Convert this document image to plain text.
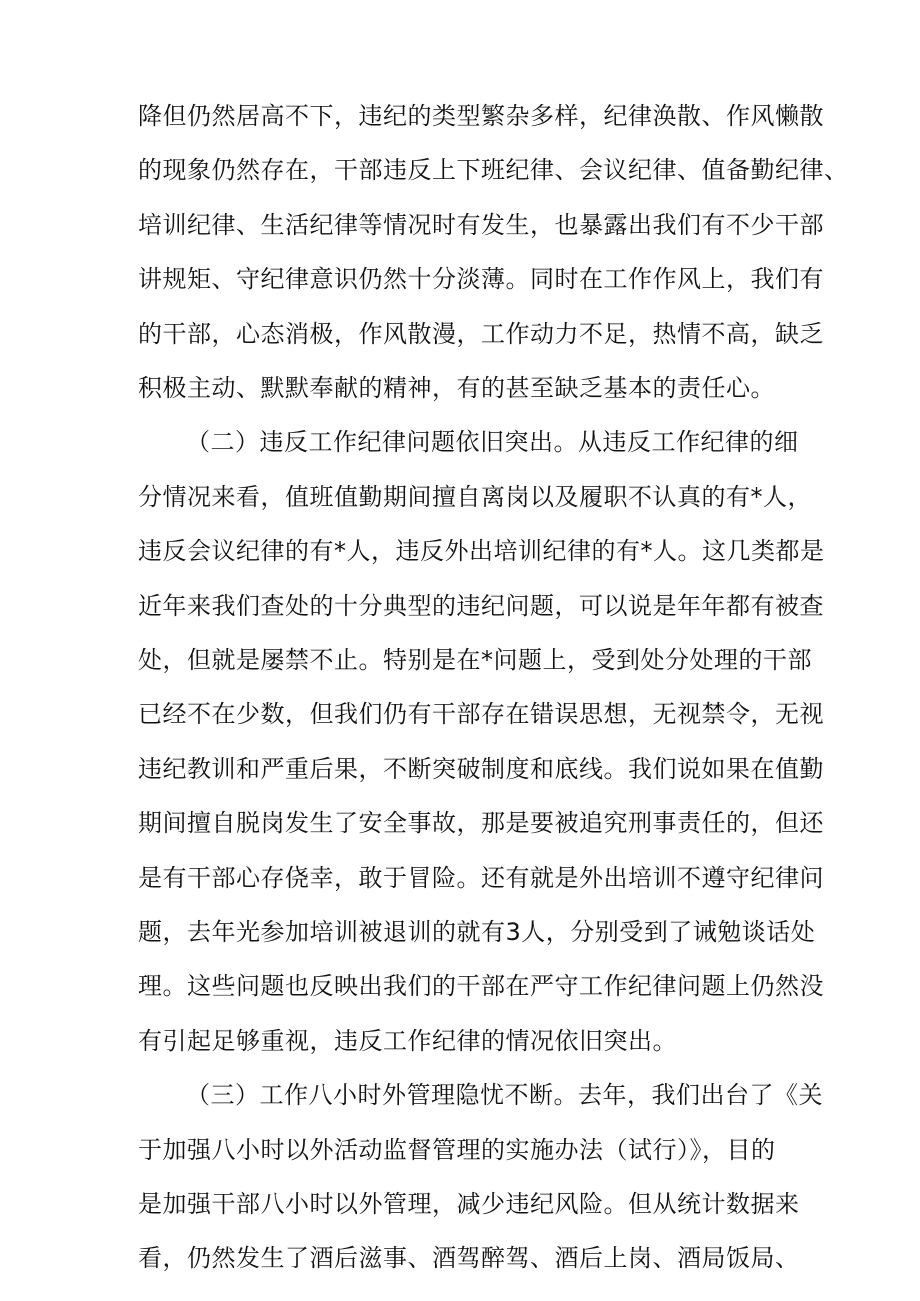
降但仍然居高不下，违纪的类型繁杂多样，纪律涣散、作风懒散
的现象仍然存在，干部违反上下班纪律、会议纪律、值备勤纪律、
培训纪律、生活纪律等情况时有发生，也暴露出我们有不少干部
讲规矩、守纪律意识仍然十分淡薄。同时在工作作风上，我们有
的干部，心态消极，作风散漫，工作动力不足，热情不高，缺乏
积极主动、默默奉献的精神，有的甚至缺乏基本的责任心。
（二）违反工作纪律问题依旧突出。从违反工作纪律的细
分情况来看，值班值勤期间擅自离岗以及履职不认真的有*人，
违反会议纪律的有*人，违反外出培训纪律的有*人。这几类都是
近年来我们查处的十分典型的违纪问题，可以说是年年都有被查
处，但就是屡禁不止。特别是在*问题上，受到处分处理的干部
已经不在少数，但我们仍有干部存在错误思想，无视禁令，无视
违纪教训和严重后果，不断突破制度和底线。我们说如果在值勤
期间擅自脱岗发生了安全事故，那是要被追究刑事责任的，但还
是有干部心存侥幸，敢于冒险。还有就是外出培训不遵守纪律问
题，去年光参加培训被退训的就有3人，分别受到了诫勉谈话处
理。这些问题也反映出我们的干部在严守工作纪律问题上仍然没
有引起足够重视，违反工作纪律的情况依旧突出。
（三）工作八小时外管理隐忧不断。去年，我们出台了《关
于加强八小时以外活动监督管理的实施办法（试行）》，目的
是加强干部八小时以外管理，减少违纪风险。但从统计数据来
看，仍然发生了酒后滋事、酒驾醉驾、酒后上岗、酒局饭局、
